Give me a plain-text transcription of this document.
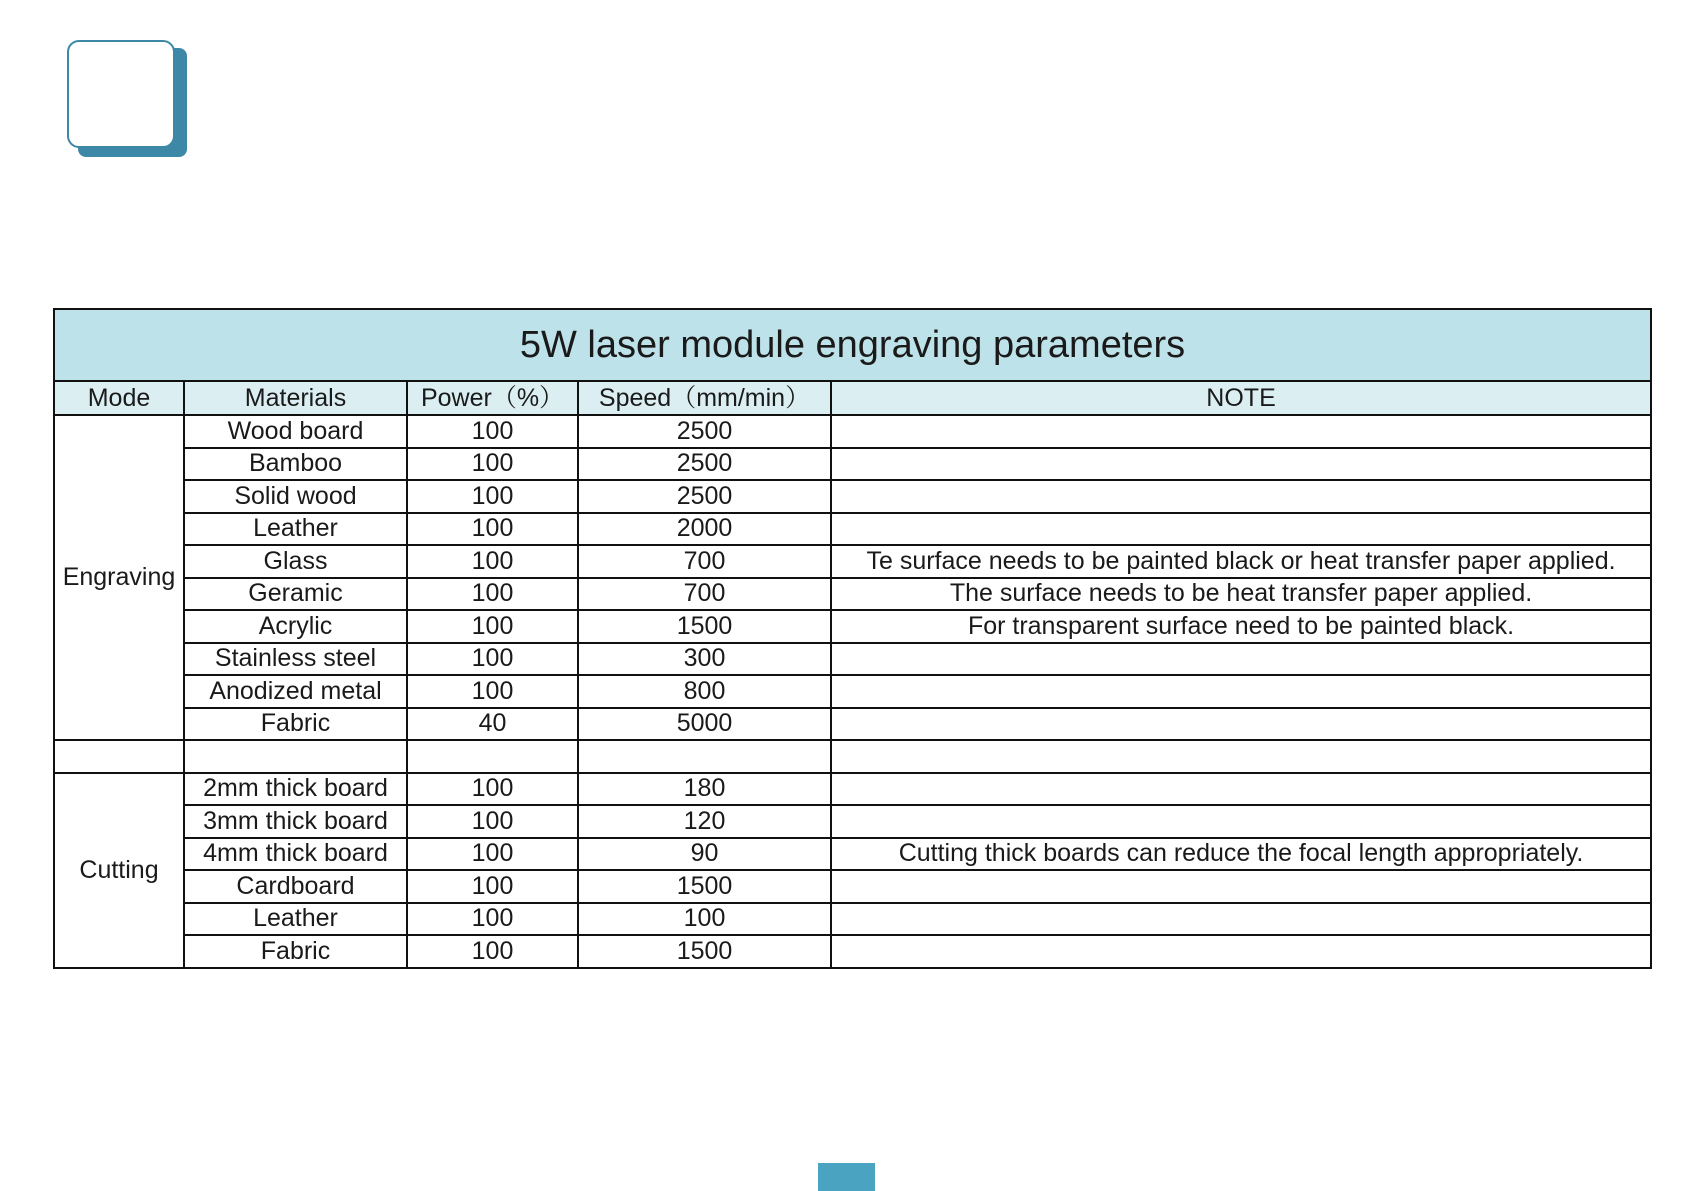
5W laser module engraving parameters				
Mode	Materials	Power（%）	Speed（mm/min）	NOTE
Engraving	Wood board	100	2500	
	Bamboo	100	2500	
	Solid wood	100	2500	
	Leather	100	2000	
	Glass	100	700	Te surface needs to be painted black or heat transfer paper applied.
	Geramic	100	700	The surface needs to be heat transfer paper applied.
	Acrylic	100	1500	For transparent surface need to be painted black.
	Stainless steel	100	300	
	Anodized metal	100	800	
	Fabric	40	5000	

Cutting	2mm thick board	100	180	
	3mm thick board	100	120	
	4mm thick board	100	90	Cutting thick boards can reduce the focal length appropriately.
	Cardboard	100	1500	
	Leather	100	100	
	Fabric	100	1500	
